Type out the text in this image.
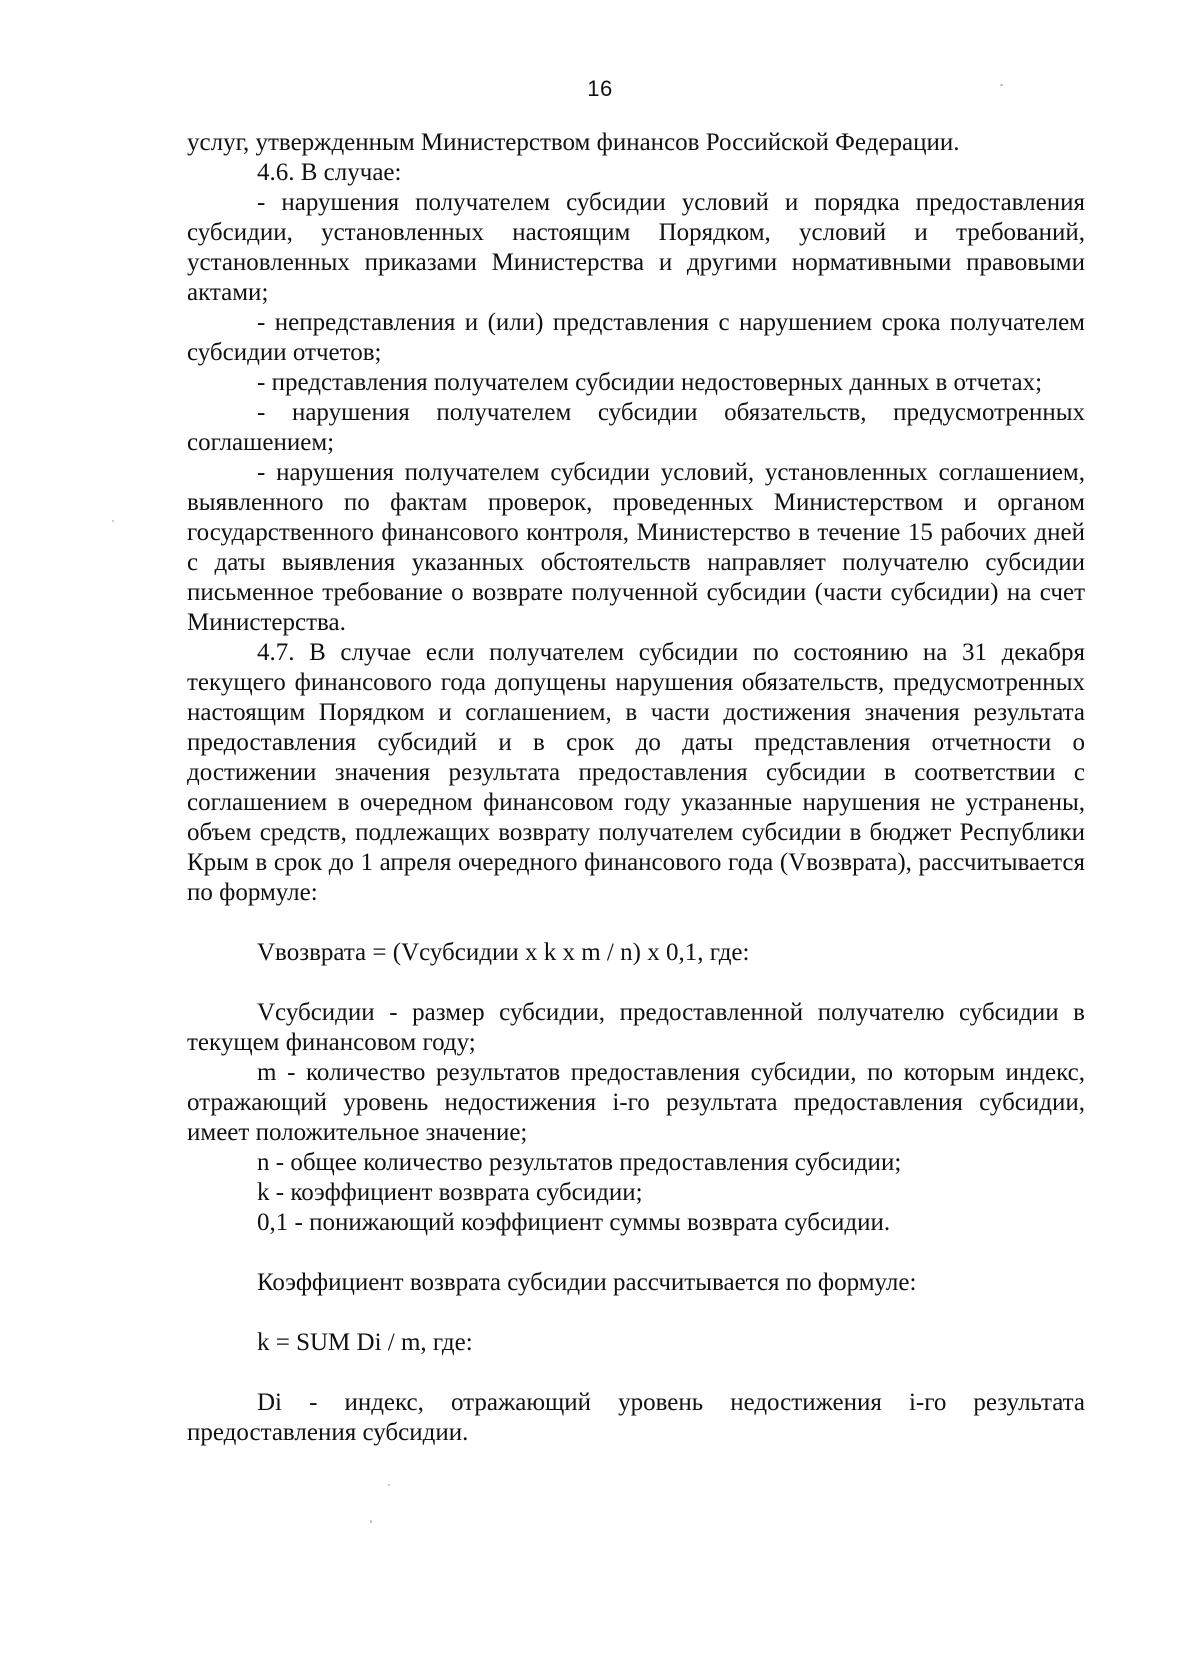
16

услуг, утвержденным Министерством финансов Российской Федерации.

4.6. В случае:

- нарушения получателем субсидии условий и порядка предоставления субсидии, установленных настоящим Порядком, условий и требований, установленных приказами Министерства и другими нормативными правовыми актами;

- непредставления и (или) представления с нарушением срока получателем субсидии отчетов;

- представления получателем субсидии недостоверных данных в отчетах;

- нарушения получателем субсидии обязательств, предусмотренных соглашением;

- нарушения получателем субсидии условий, установленных соглашением, выявленного по фактам проверок, проведенных Министерством и органом государственного финансового контроля, Министерство в течение 15 рабочих дней с даты выявления указанных обстоятельств направляет получателю субсидии письменное требование о возврате полученной субсидии (части субсидии) на счет Министерства.

4.7. В случае если получателем субсидии по состоянию на 31 декабря текущего финансового года допущены нарушения обязательств, предусмотренных настоящим Порядком и соглашением, в части достижения значения результата предоставления субсидий и в срок до даты представления отчетности о достижении значения результата предоставления субсидии в соответствии с соглашением в очередном финансовом году указанные нарушения не устранены, объем средств, подлежащих возврату получателем субсидии в бюджет Республики Крым в срок до 1 апреля очередного финансового года (Vвозврата), рассчитывается по формуле:

Vвозврата = (Vсубсидии x k x m / n) x 0,1, где:

Vсубсидии - размер субсидии, предоставленной получателю субсидии в текущем финансовом году;

m - количество результатов предоставления субсидии, по которым индекс, отражающий уровень недостижения i-го результата предоставления субсидии, имеет положительное значение;

n - общее количество результатов предоставления субсидии;

k - коэффициент возврата субсидии;

0,1 - понижающий коэффициент суммы возврата субсидии.

Коэффициент возврата субсидии рассчитывается по формуле:

k = SUM Di / m, где:

Di - индекс, отражающий уровень недостижения i-го результата предоставления субсидии.
